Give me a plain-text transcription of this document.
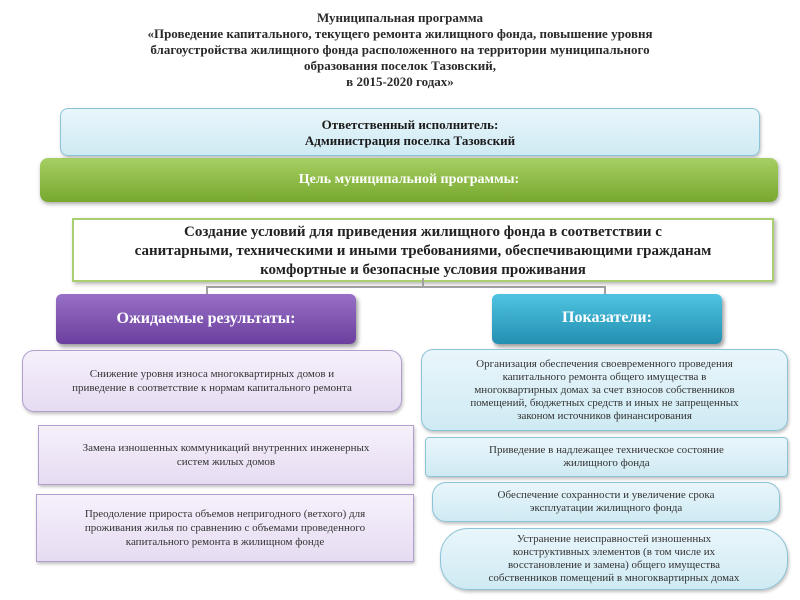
Муниципальная программа
«Проведение капитального, текущего ремонта жилищного фонда, повышение уровня
благоустройства жилищного фонда расположенного на территории муниципального
образования поселок Тазовский,
в 2015-2020 годах»
Ответственный исполнитель:
Администрация поселка Тазовский
Цель муниципальной программы:
Создание условий для приведения жилищного фонда в соответствии с
санитарными, техническими и иными требованиями, обеспечивающими гражданам
комфортные и безопасные условия проживания
Ожидаемые результаты:	Показатели:
Снижение уровня износа многоквартирных домов и
приведение в соответствие к нормам капитального ремонта
Замена изношенных коммуникаций внутренних инженерных
систем жилых домов
Преодоление прироста объемов непригодного (ветхого) для
проживания жилья по сравнению с объемами проведенного
капитального ремонта в жилищном фонде
Организация обеспечения своевременного проведения
капитального ремонта общего имущества в
многоквартирных домах за счет взносов собственников
помещений, бюджетных средств и иных не запрещенных
законом источников финансирования
Приведение в надлежащее техническое состояние
жилищного фонда
Обеспечение сохранности и увеличение срока
эксплуатации жилищного фонда
Устранение неисправностей изношенных
конструктивных элементов (в том числе их
восстановление и замена) общего имущества
собственников помещений в многоквартирных домах
